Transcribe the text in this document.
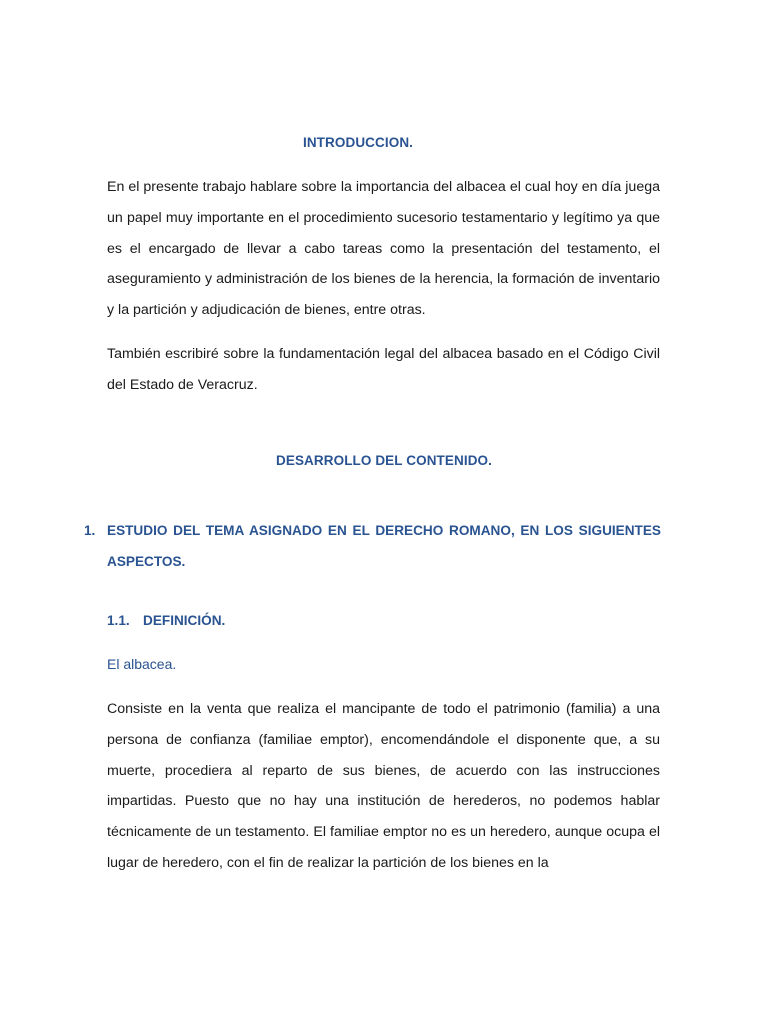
INTRODUCCION.
En el presente trabajo hablare sobre la importancia del albacea el cual hoy en día juega un papel muy importante en el procedimiento sucesorio testamentario y legítimo ya que es el encargado de llevar a cabo tareas como la presentación del testamento, el aseguramiento y administración de los bienes de la herencia, la formación de inventario y la partición y adjudicación de bienes, entre otras.
También escribiré sobre la fundamentación legal del albacea basado en el Código Civil del Estado de Veracruz.
DESARROLLO DEL CONTENIDO.
1. ESTUDIO DEL TEMA ASIGNADO EN EL DERECHO ROMANO, EN LOS SIGUIENTES ASPECTOS.
1.1. DEFINICIÓN.
El albacea.
Consiste en la venta que realiza el mancipante de todo el patrimonio (familia) a una persona de confianza (familiae emptor), encomendándole el disponente que, a su muerte, procediera al reparto de sus bienes, de acuerdo con las instrucciones impartidas. Puesto que no hay una institución de herederos, no podemos hablar técnicamente de un testamento. El familiae emptor no es un heredero, aunque ocupa el lugar de heredero, con el fin de realizar la partición de los bienes en la
